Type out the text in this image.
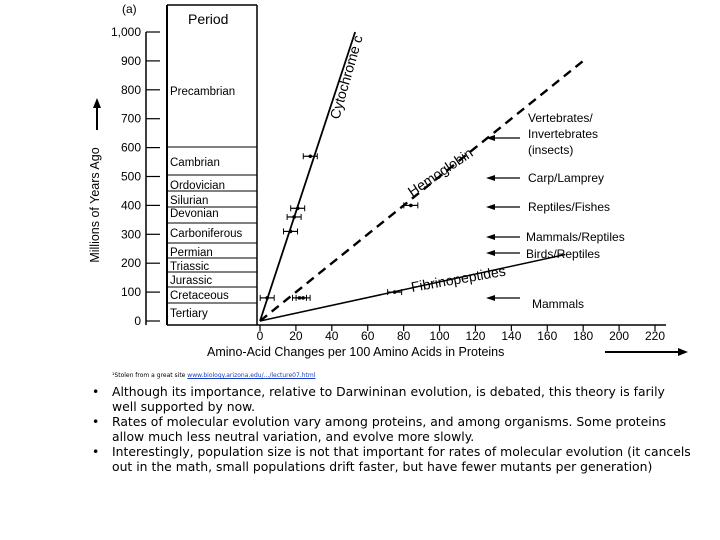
(a)
Period
Precambrian
Cambrian
Ordovician
Silurian
Devonian
Carboniferous
Permian
Triassic
Jurassic
Cretaceous
Tertiary
0
100
200
300
400
500
600
700
800
900
1,000
Millions of Years Ago
0 20 40 60 80 100 120 140 160 180 200 220
Amino-Acid Changes per 100 Amino Acids in Proteins
Cytochrome c
Hemoglobin
Fibrinopeptides
Vertebrates/
Invertebrates
(insects)
Carp/Lamprey
Reptiles/Fishes
Mammals/Reptiles
Birds/Reptiles
Mammals
¹Stolen from a great site www.biology.arizona.edu/.../lecture07.html
• Although its importance, relative to Darwininan evolution, is debated, this theory is farily well supported by now.
• Rates of molecular evolution vary among proteins, and among organisms. Some proteins allow much less neutral variation, and evolve more slowly.
• Interestingly, population size is not that important for rates of molecular evolution (it cancels out in the math, small populations drift faster, but have fewer mutants per generation)
